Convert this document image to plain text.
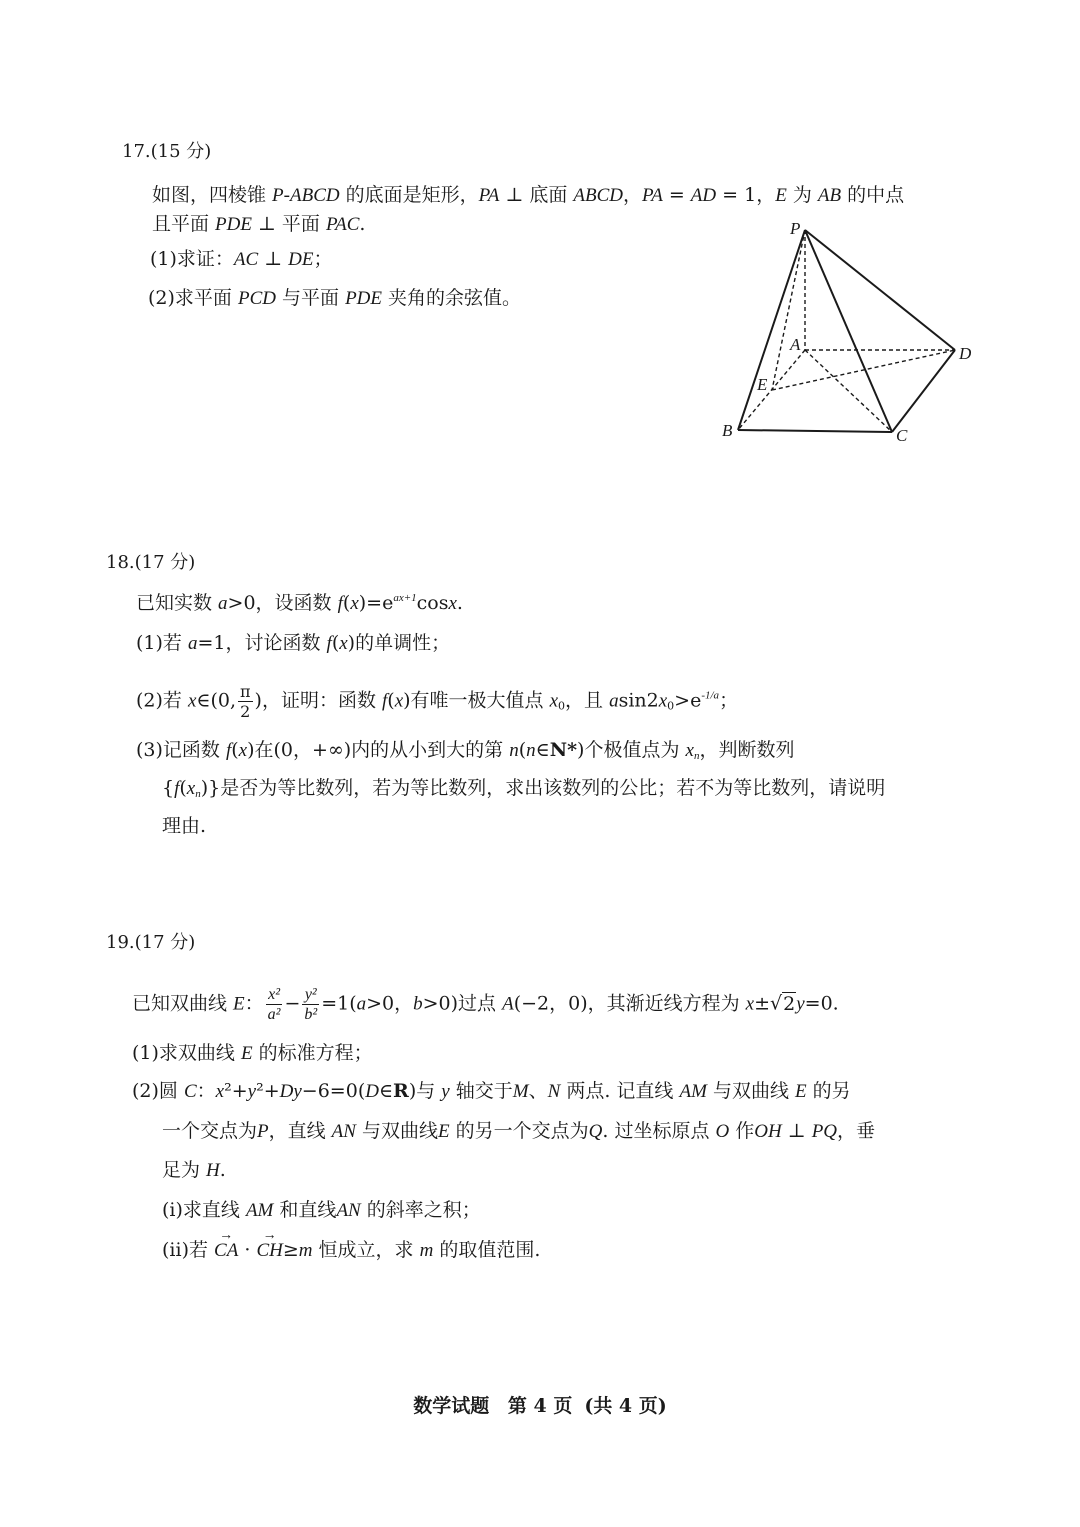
17.(15 分)
如图，四棱锥 P-ABCD 的底面是矩形，PA ⊥ 底面 ABCD，PA = AD = 1，E 为 AB 的中点
且平面 PDE ⊥ 平面 PAC.
(1)求证：AC ⊥ DE；
(2)求平面 PCD 与平面 PDE 夹角的余弦值。
P
A	D
E
B	C
18.(17 分)
已知实数 a>0，设函数 $f(x)=e^{ax+1}\cos x$.
(1)若 a=1，讨论函数 f(x)的单调性；
(2)若 x∈(0, $\frac{\pi}{2}$ )，证明：函数 f(x)有唯一极大值点 $x_0$，且 $asin2x_0>e^{-1/a}$；
(3)记函数 f(x)在(0，+∞)内的从小到大的第 n(n∈N*)个极值点为 $x_n$，判断数列
$\{f(x_n)\}$是否为等比数列，若为等比数列，求出该数列的公比；若不为等比数列，请说明
理由.
19.(17 分)
已知双曲线 E： $\frac{\text{x²}}{\text{a²}} - \frac{\text{y²}}{\text{b²}} =1(a>0$，b>0)过点 A(−2，0)，其渐近线方程为 x±√2y=0.
(1)求双曲线 E 的标准方程；
(2)圆 C：x²+y²+Dy−6=0(D∈R)与 y 轴交于M、N 两点. 记直线 AM 与双曲线 E 的另
一个交点为P，直线 AN 与双曲线E 的另一个交点为Q. 过坐标原点 O 作OH ⊥ PQ，垂
足为 H.
(i)求直线 AM 和直线AN 的斜率之积；
(ii)若 → CA · → CH≥m 恒成立，求 m 的取值范围.
数学试题 第 4 页 (共 4 页)
